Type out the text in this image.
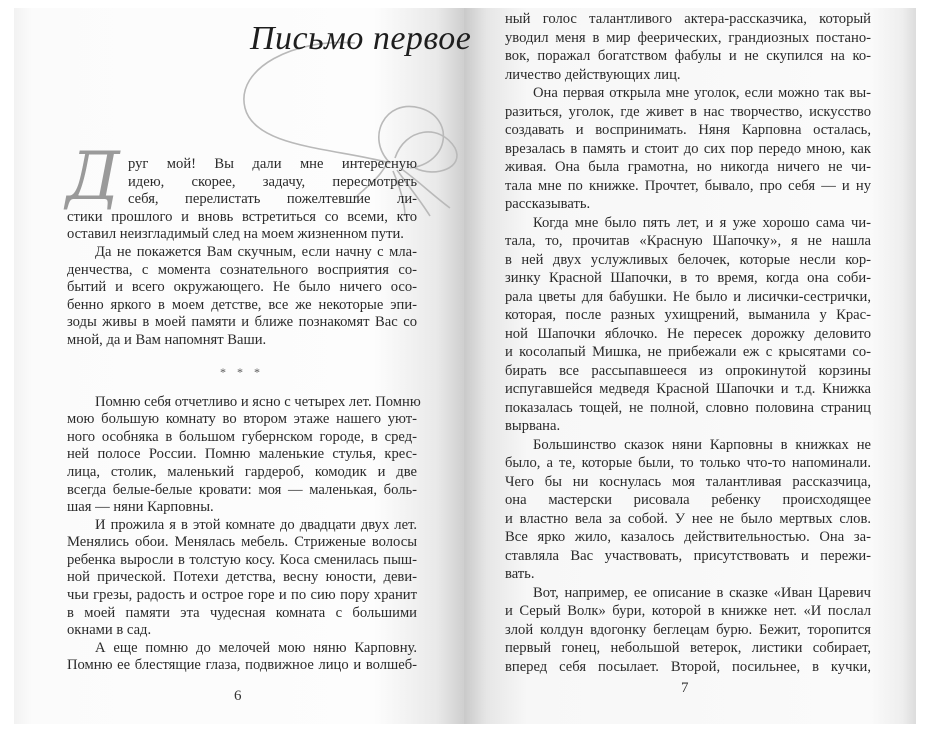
Письмо первое
Д руг мой! Вы дали мне интересную
идею, скорее, задачу, пересмотреть
себя, перелистать пожелтевшие ли-
стики прошлого и вновь встретиться со всеми, кто
оставил неизгладимый след на моем жизненном пути.
Да не покажется Вам скучным, если начну с мла-
денчества, с момента сознательного восприятия со-
бытий и всего окружающего. Не было ничего осо-
бенно яркого в моем детстве, все же некоторые эпи-
зоды живы в моей памяти и ближе познакомят Вас со
мной, да и Вам напомнят Ваши.
* * *
Помню себя отчетливо и ясно с четырех лет. Помню
мою большую комнату во втором этаже нашего уют-
ного особняка в большом губернском городе, в сред-
ней полосе России. Помню маленькие стулья, крес-
лица, столик, маленький гардероб, комодик и две
всегда белые-белые кровати: моя — маленькая, боль-
шая — няни Карповны.
И прожила я в этой комнате до двадцати двух лет.
Менялись обои. Менялась мебель. Стриженые волосы
ребенка выросли в толстую косу. Коса сменилась пыш-
ной прической. Потехи детства, весну юности, деви-
чьи грезы, радость и острое горе и по сию пору хранит
в моей памяти эта чудесная комната с большими
окнами в сад.
А еще помню до мелочей мою няню Карповну.
Помню ее блестящие глаза, подвижное лицо и волшеб-
ный голос талантливого актера-рассказчика, который
уводил меня в мир феерических, грандиозных постано-
вок, поражал богатством фабулы и не скупился на ко-
личество действующих лиц.
Она первая открыла мне уголок, если можно так вы-
разиться, уголок, где живет в нас творчество, искусство
создавать и воспринимать. Няня Карповна осталась,
врезалась в память и стоит до сих пор передо мною, как
живая. Она была грамотна, но никогда ничего не чи-
тала мне по книжке. Прочтет, бывало, про себя — и ну
рассказывать.
Когда мне было пять лет, и я уже хорошо сама чи-
тала, то, прочитав «Красную Шапочку», я не нашла
в ней двух услужливых белочек, которые несли кор-
зинку Красной Шапочки, в то время, когда она соби-
рала цветы для бабушки. Не было и лисички-сестрички,
которая, после разных ухищрений, выманила у Крас-
ной Шапочки яблочко. Не пересек дорожку деловито
и косолапый Мишка, не прибежали еж с крысятами со-
бирать все рассыпавшееся из опрокинутой корзины
испугавшейся медведя Красной Шапочки и т.д. Книжка
показалась тощей, не полной, словно половина страниц
вырвана.
Большинство сказок няни Карповны в книжках не
было, а те, которые были, то только что-то напоминали.
Чего бы ни коснулась моя талантливая рассказчица,
она мастерски рисовала ребенку происходящее
и властно вела за собой. У нее не было мертвых слов.
Все ярко жило, казалось действительностью. Она за-
ставляла Вас участвовать, присутствовать и пережи-
вать.
Вот, например, ее описание в сказке «Иван Царевич
и Серый Волк» бури, которой в книжке нет. «И послал
злой колдун вдогонку беглецам бурю. Бежит, торопится
первый гонец, небольшой ветерок, листики собирает,
вперед себя посылает. Второй, посильнее, в кучки,
6	7
